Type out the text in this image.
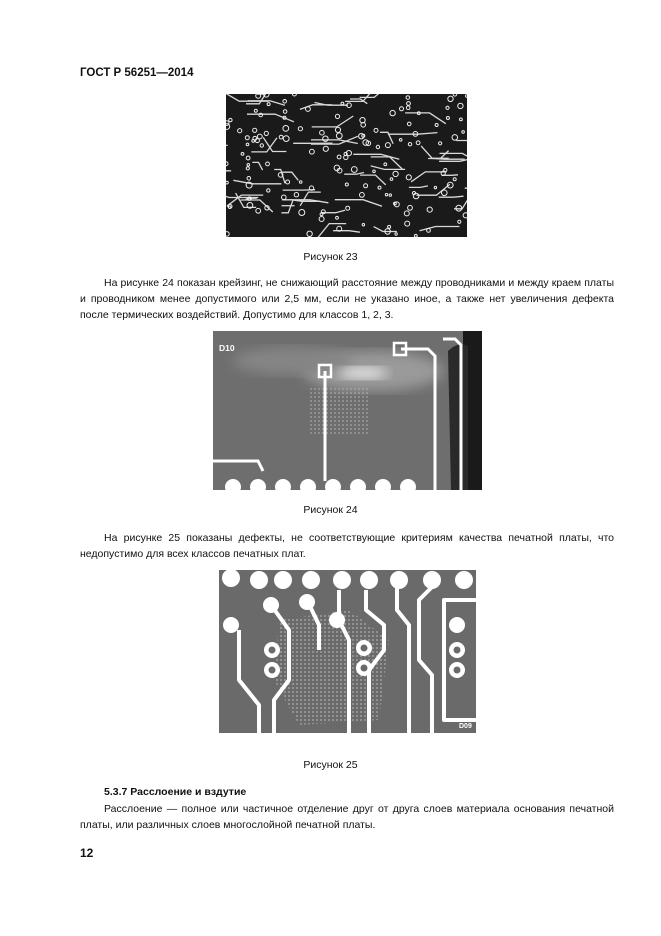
ГОСТ Р 56251—2014
Рисунок 23
На рисунке 24 показан крейзинг, не снижающий расстояние между проводниками и между краем платы и проводником менее допустимого или 2,5 мм, если не указано иное, а также нет увеличения дефекта после термических воздействий. Допустимо для классов 1, 2, 3.
D10
Рисунок 24
На рисунке 25 показаны дефекты, не соответствующие критериям качества печатной платы, что недопустимо для всех классов печатных плат.
D09
Рисунок 25
5.3.7 Расслоение и вздутие
Расслоение — полное или частичное отделение друг от друга слоев материала основания печатной платы, или различных слоев многослойной печатной платы.
12
